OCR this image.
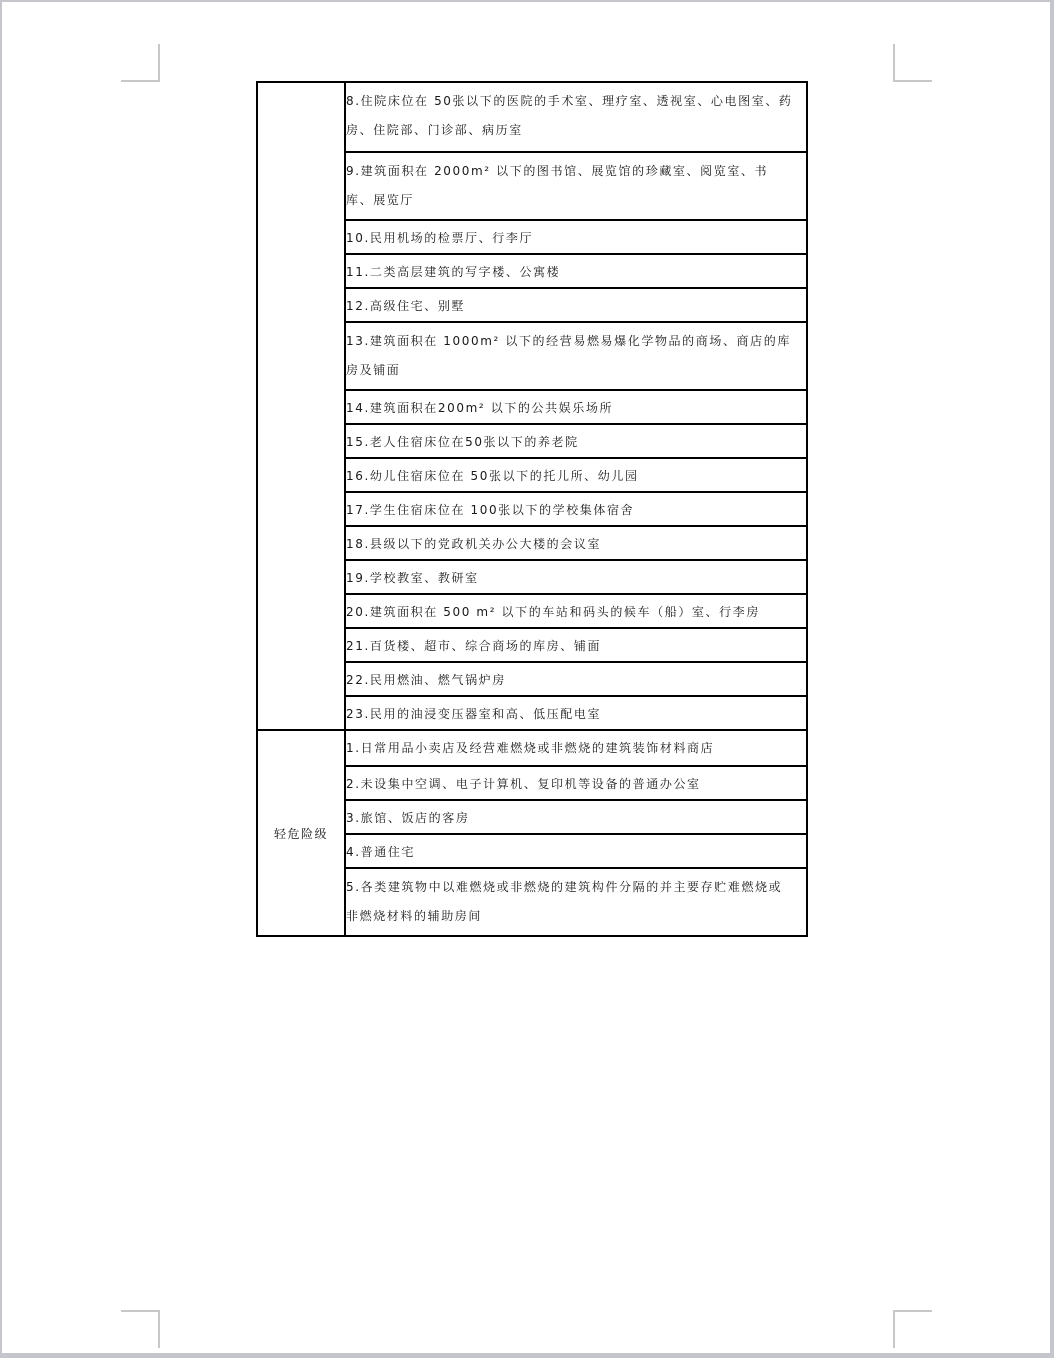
8.住院床位在 50张以下的医院的手术室、理疗室、透视室、心电图室、药房、住院部、门诊部、病历室
9.建筑面积在 2000m² 以下的图书馆、展览馆的珍藏室、阅览室、书库、展览厅
10.民用机场的检票厅、行李厅
11.二类高层建筑的写字楼、公寓楼
12.高级住宅、别墅
13.建筑面积在 1000m² 以下的经营易燃易爆化学物品的商场、商店的库房及铺面
14.建筑面积在200m² 以下的公共娱乐场所
15.老人住宿床位在50张以下的养老院
16.幼儿住宿床位在 50张以下的托儿所、幼儿园
17.学生住宿床位在 100张以下的学校集体宿舍
18.县级以下的党政机关办公大楼的会议室
19.学校教室、教研室
20.建筑面积在 500 m² 以下的车站和码头的候车（船）室、行李房
21.百货楼、超市、综合商场的库房、铺面
22.民用燃油、燃气锅炉房
23.民用的油浸变压器室和高、低压配电室
轻危险级
1.日常用品小卖店及经营难燃烧或非燃烧的建筑装饰材料商店
2.未设集中空调、电子计算机、复印机等设备的普通办公室
3.旅馆、饭店的客房
4.普通住宅
5.各类建筑物中以难燃烧或非燃烧的建筑构件分隔的并主要存贮难燃烧或非燃烧材料的辅助房间
